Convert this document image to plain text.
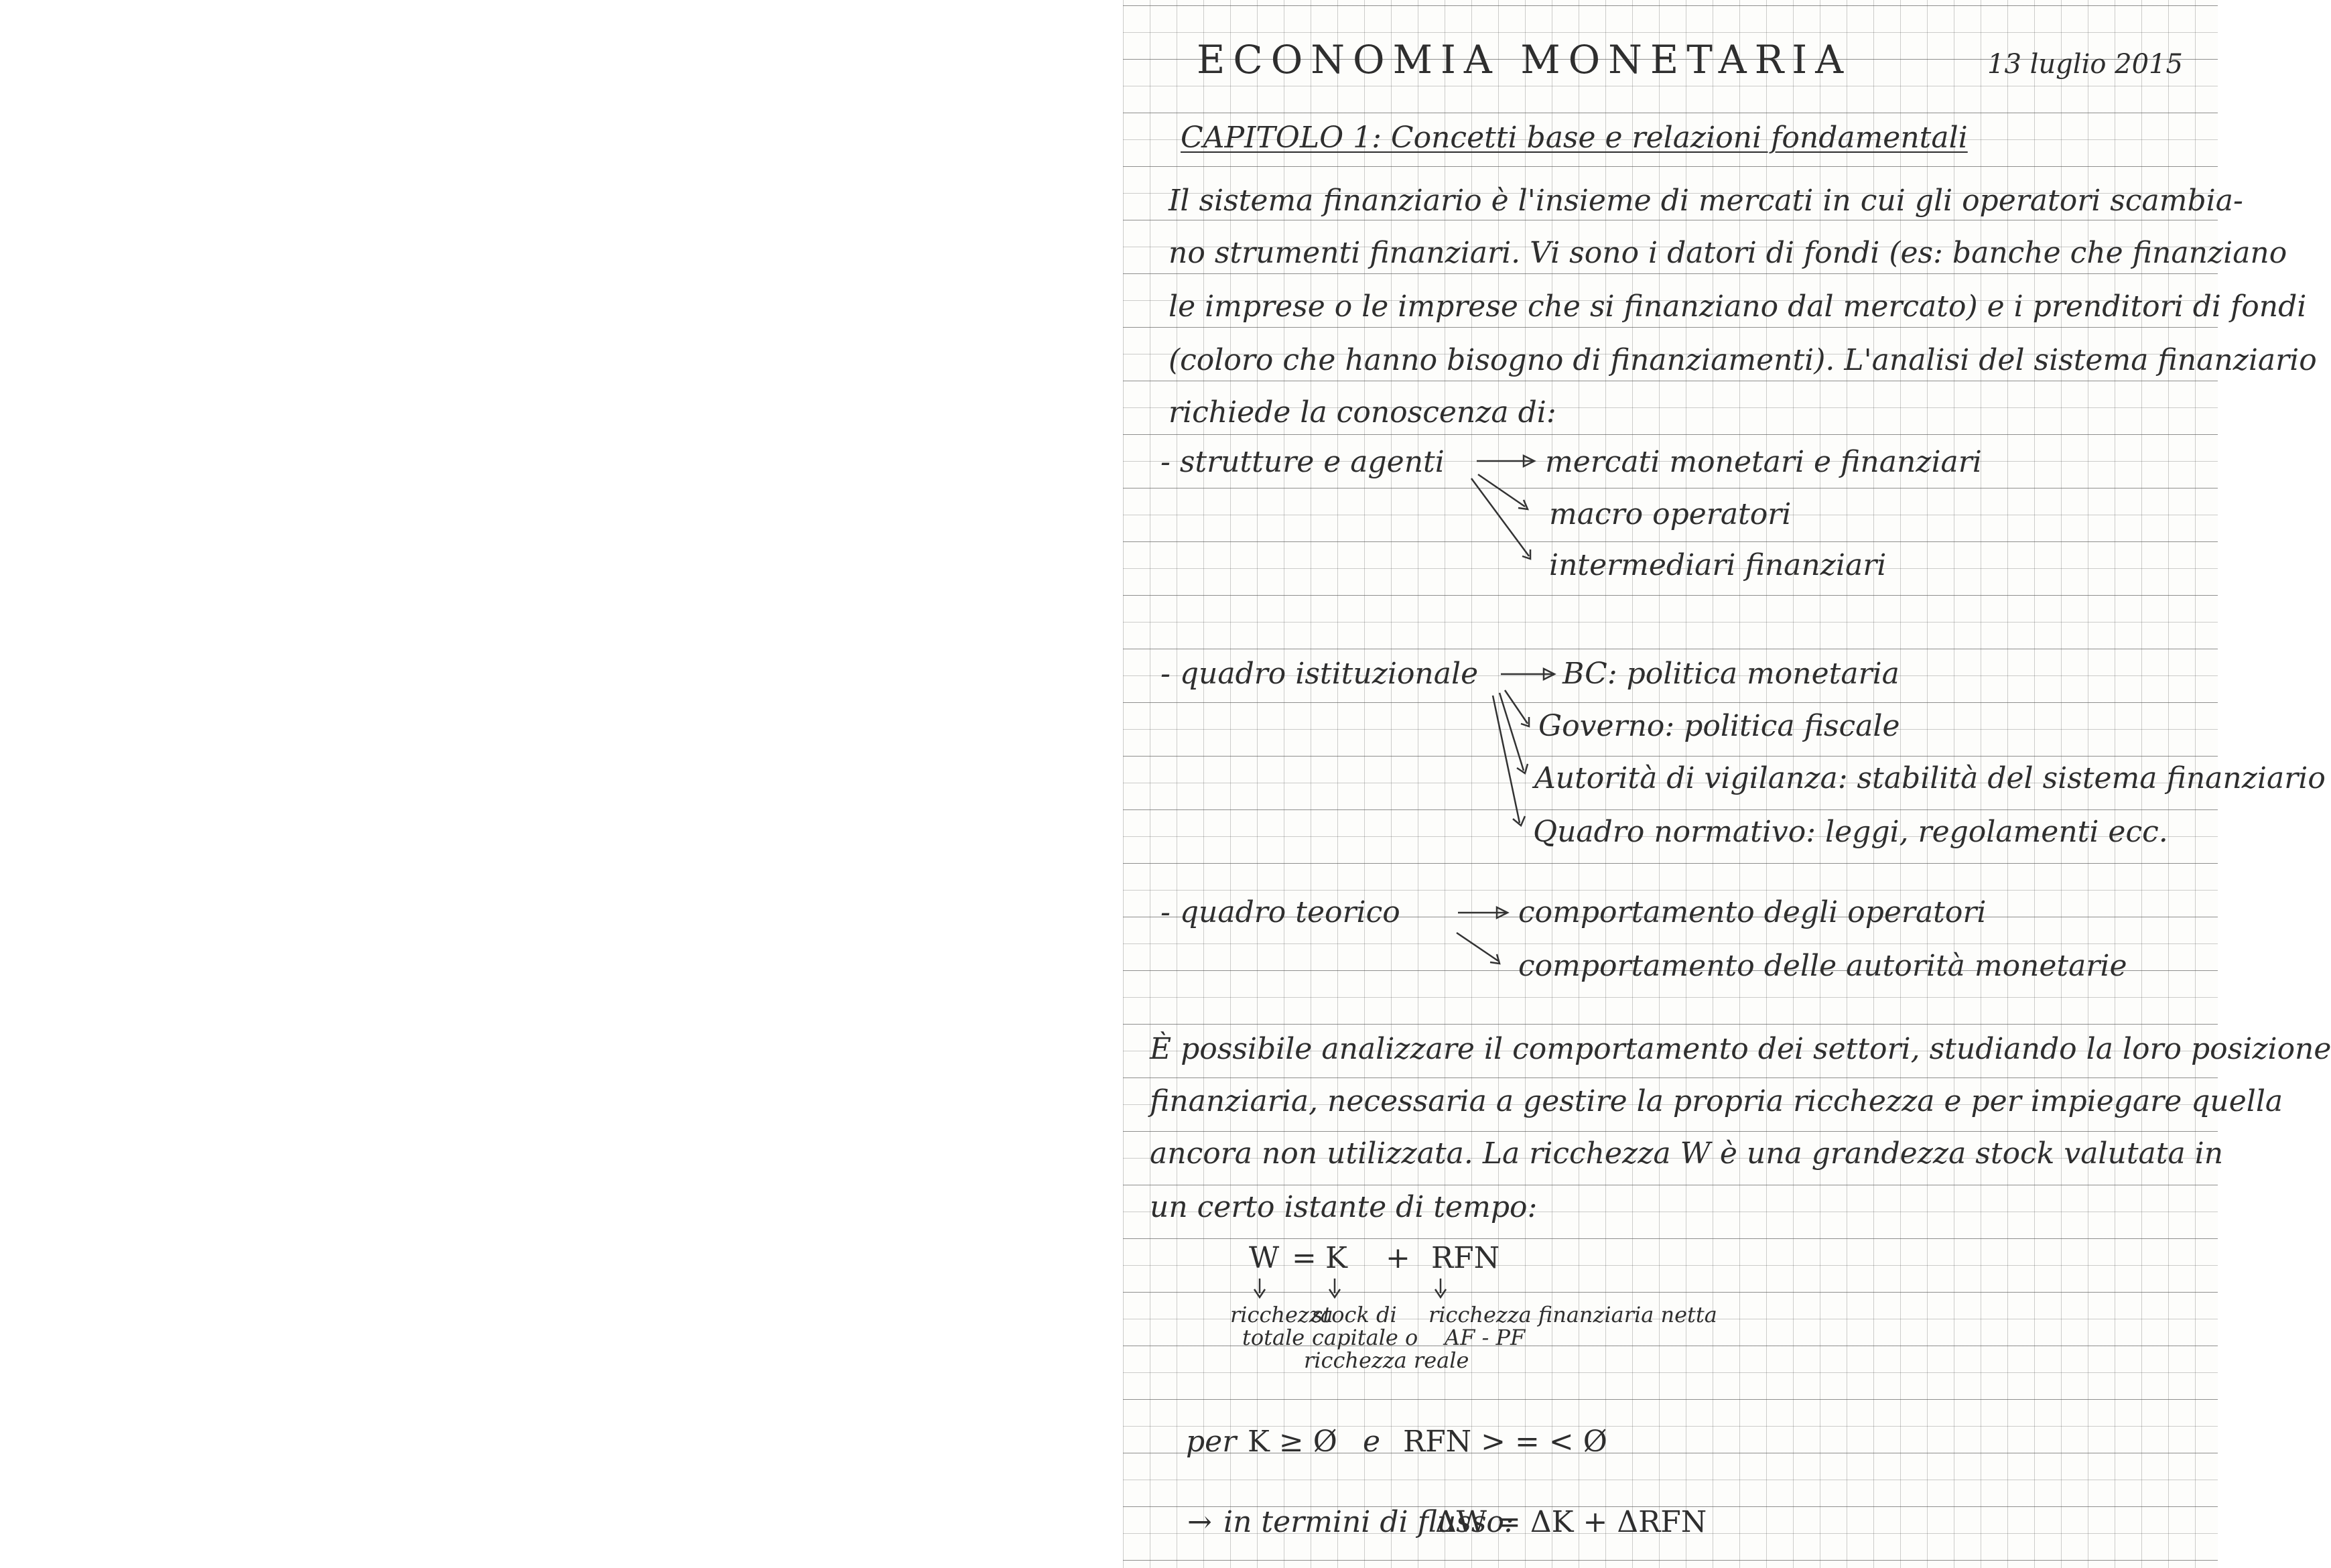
ECONOMIA MONETARIA	13 luglio 2015
CAPITOLO 1: Concetti base e relazioni fondamentali
Il sistema finanziario è l'insieme di mercati in cui gli operatori scambia-
no strumenti finanziari. Vi sono i datori di fondi (es: banche che finanziano
le imprese o le imprese che si finanziano dal mercato) e i prenditori di fondi
(coloro che hanno bisogno di finanziamenti). L'analisi del sistema finanziario
richiede la conoscenza di:
- strutture e agenti	mercati monetari e finanziari
macro operatori
intermediari finanziari
- quadro istituzionale	BC: politica monetaria
Governo: politica fiscale
Autorità di vigilanza: stabilità del sistema finanziario
Quadro normativo: leggi, regolamenti ecc.
- quadro teorico	comportamento degli operatori
comportamento delle autorità monetarie
È possibile analizzare il comportamento dei settori, studiando la loro posizione
finanziaria, necessaria a gestire la propria ricchezza e per impiegare quella
ancora non utilizzata. La ricchezza W è una grandezza stock valutata in
un certo istante di tempo:
W = K + RFN
ricchezza
totale
stock di
capitale o
ricchezza reale
ricchezza finanziaria netta
AF - PF
per K ≥ Ø e RFN > = < Ø
→ in termini di flusso:
ΔW = ΔK + ΔRFN
